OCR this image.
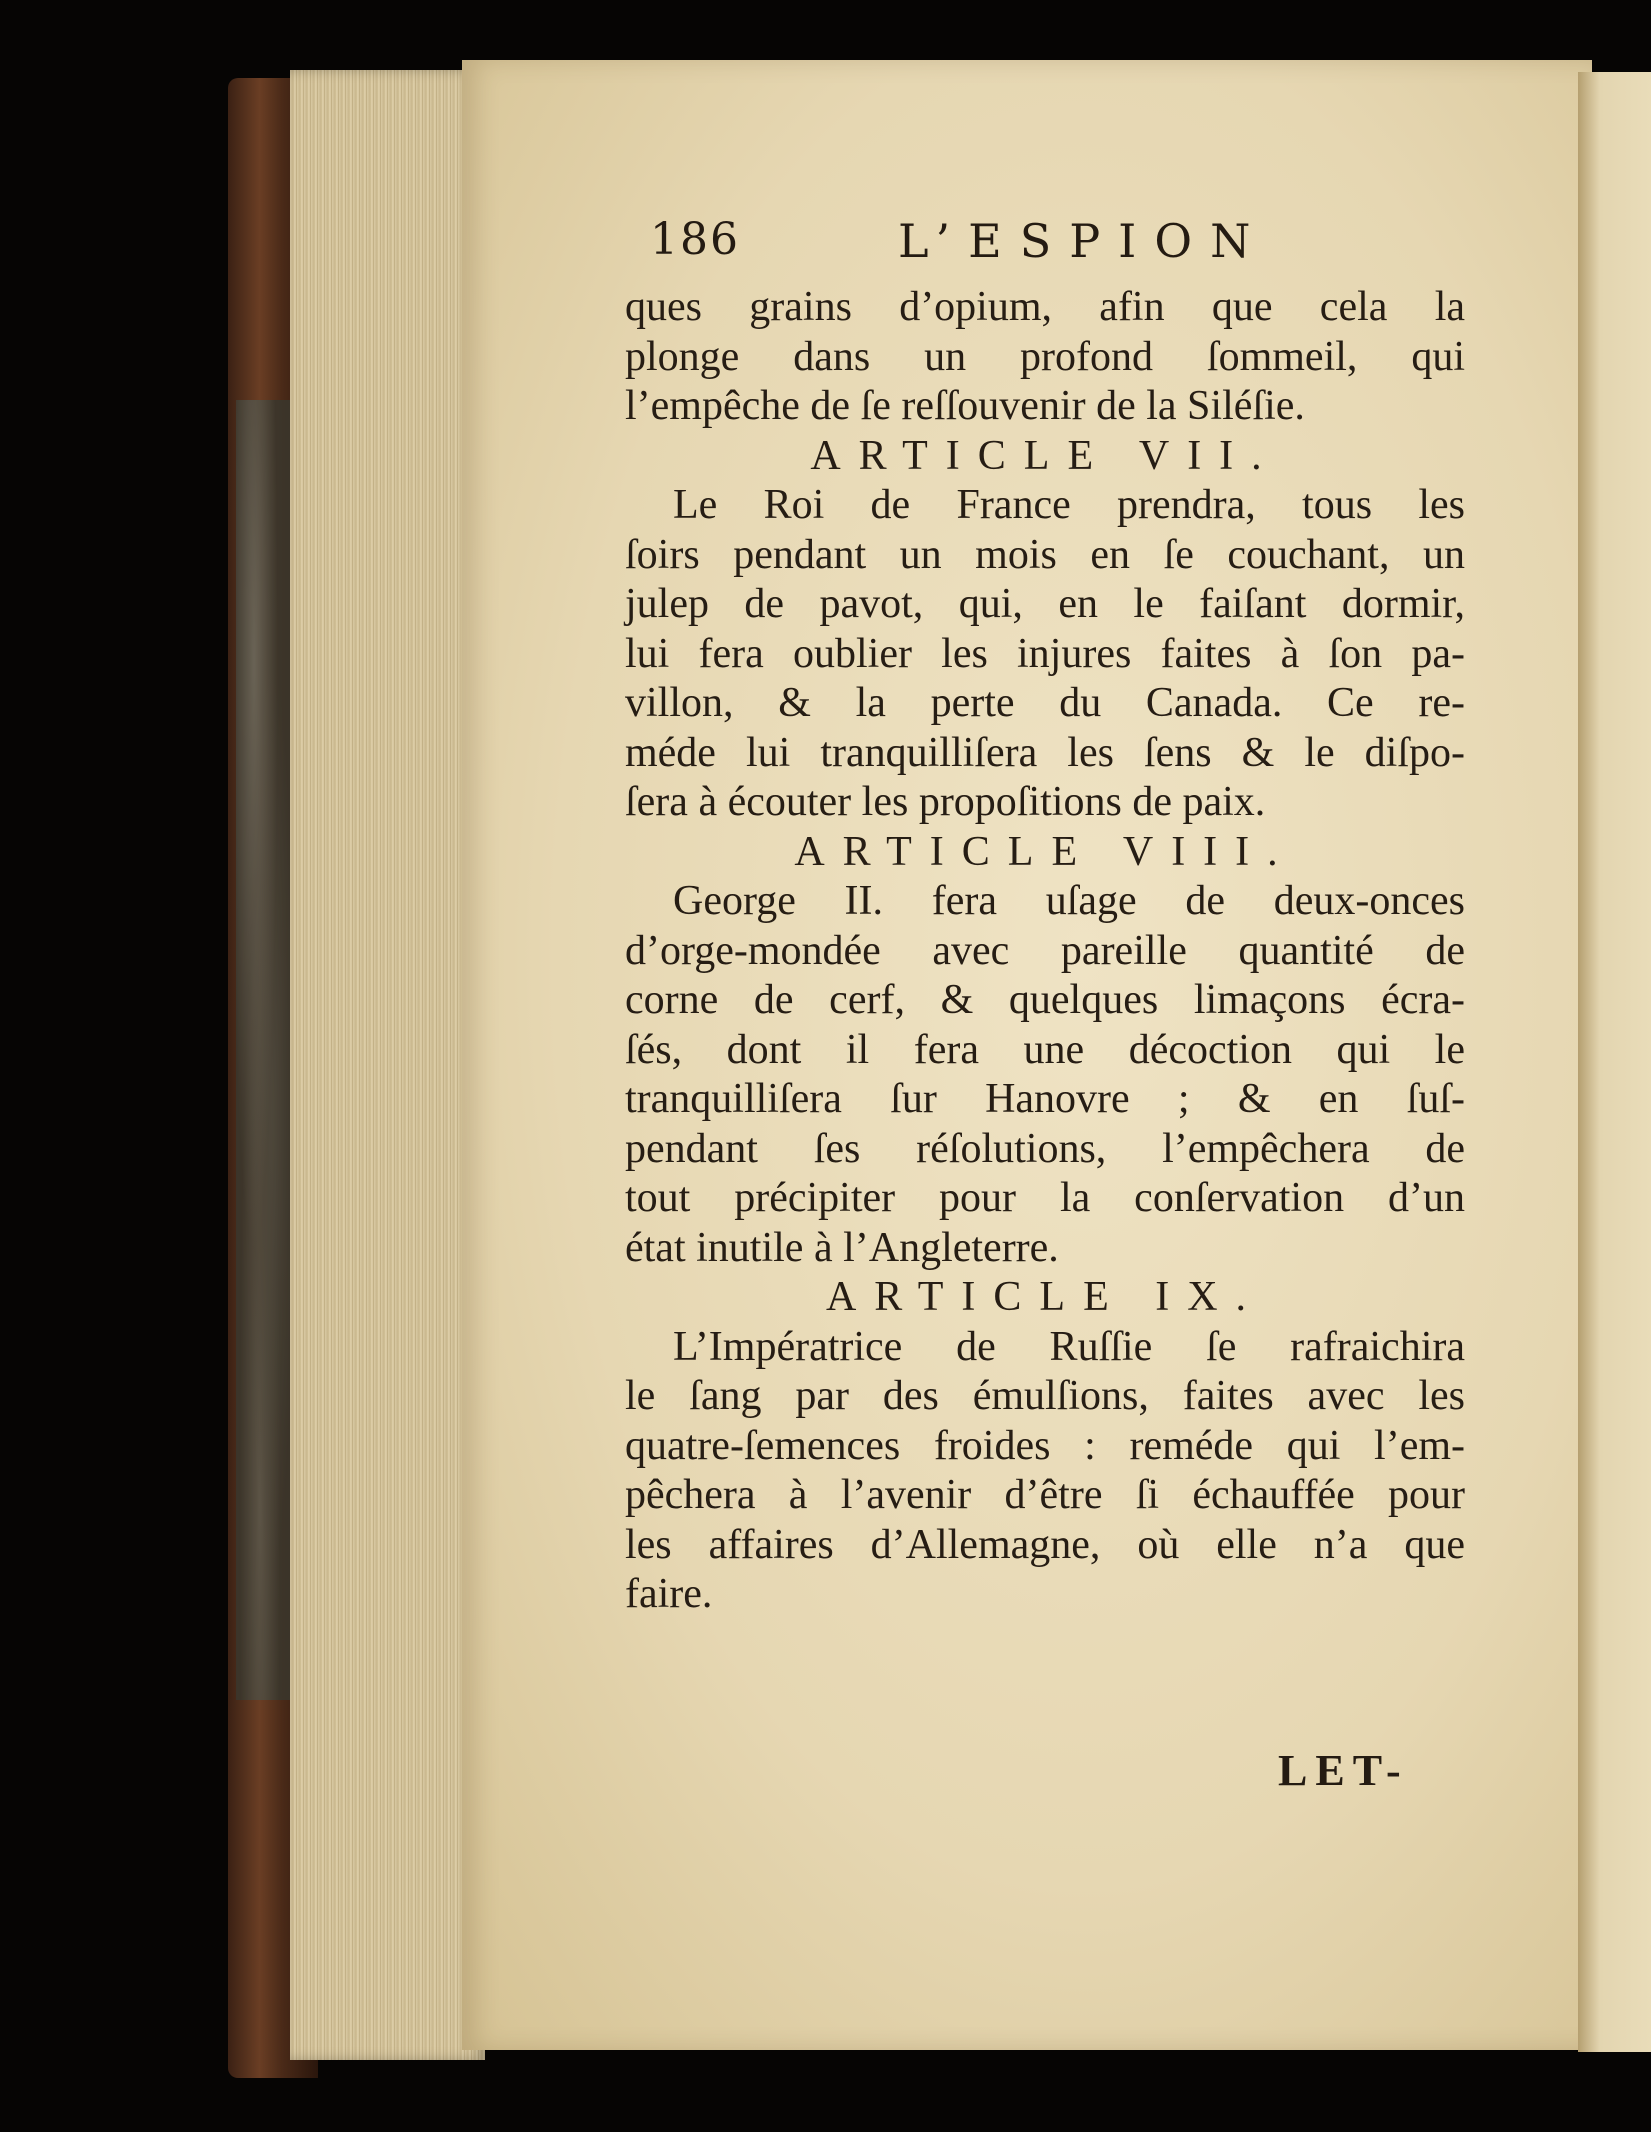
186	L’ESPION
ques grains d’opium, afin que cela la
plonge dans un profond ſommeil, qui
l’empêche de ſe reſſouvenir de la Siléſie.
ARTICLE VII.
Le Roi de France prendra, tous les
ſoirs pendant un mois en ſe couchant, un
julep de pavot, qui, en le faiſant dormir,
lui fera oublier les injures faites à ſon pa-
villon, & la perte du Canada. Ce re-
méde lui tranquilliſera les ſens & le diſpo-
ſera à écouter les propoſitions de paix.
ARTICLE VIII.
George II. fera uſage de deux-onces
d’orge-mondée avec pareille quantité de
corne de cerf, & quelques limaçons écra-
ſés, dont il fera une décoction qui le
tranquilliſera ſur Hanovre ; & en ſuſ-
pendant ſes réſolutions, l’empêchera de
tout précipiter pour la conſervation d’un
état inutile à l’Angleterre.
ARTICLE IX.
L’Impératrice de Ruſſie ſe rafraichira
le ſang par des émulſions, faites avec les
quatre-ſemences froides : reméde qui l’em-
pêchera à l’avenir d’être ſi échauffée pour
les affaires d’Allemagne, où elle n’a que
faire.
LET-
